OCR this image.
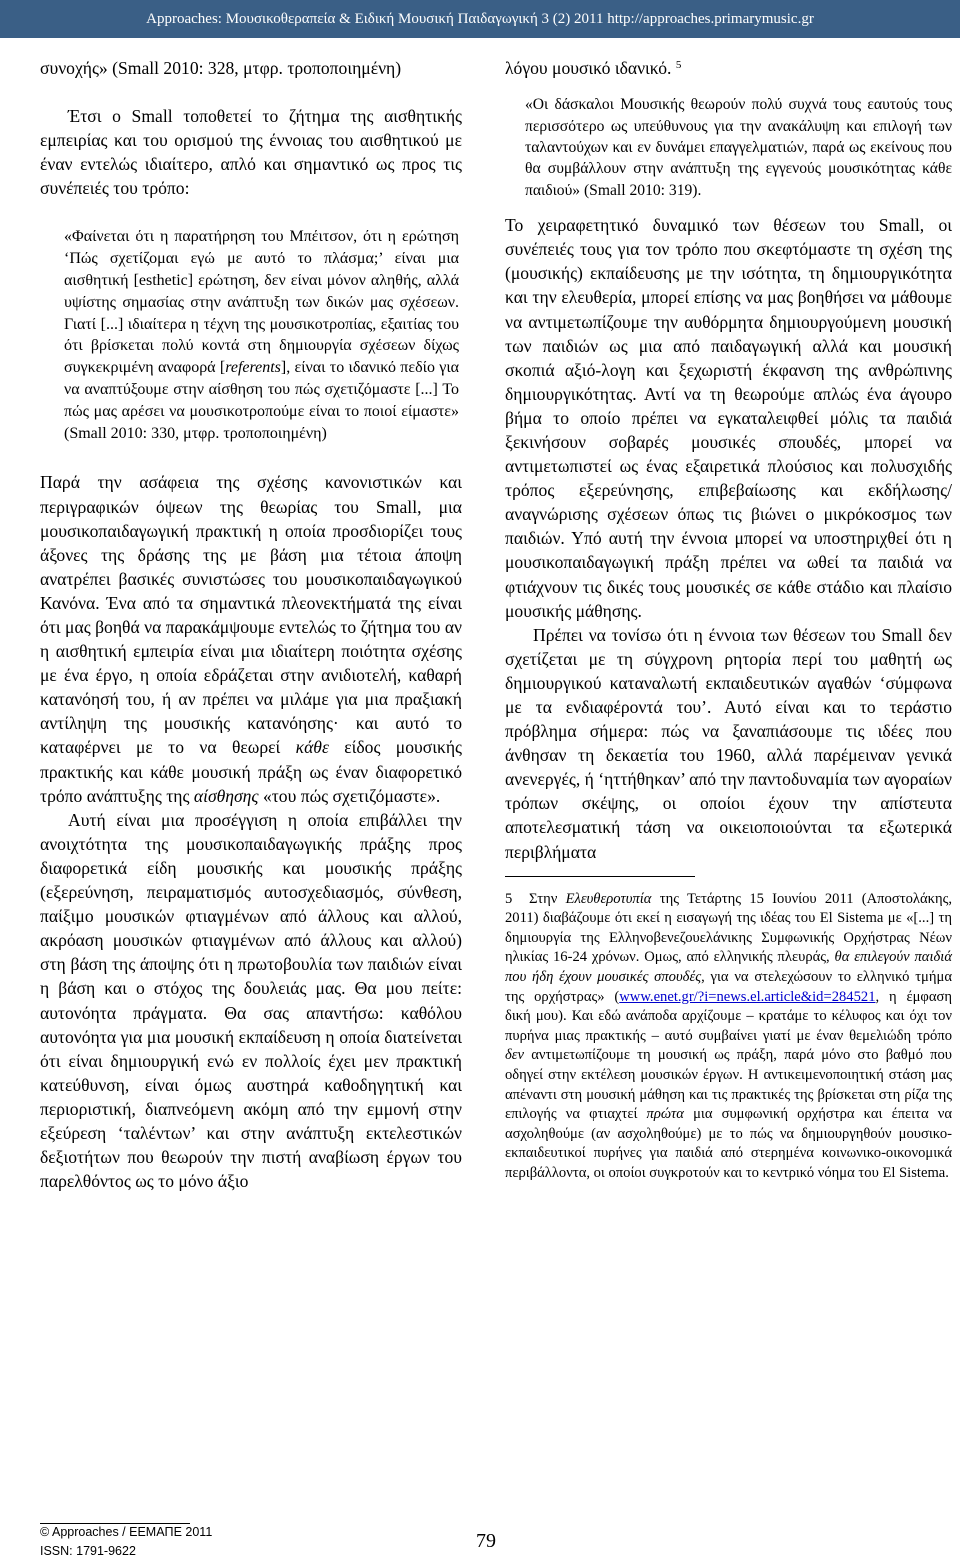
Approaches: Μουσικοθεραπεία & Ειδική Μουσική Παιδαγωγική 3 (2) 2011 http://approaches.primarymusic.gr

συνοχής» (Small 2010: 328, μτφρ. τροποποιημένη)

Έτσι ο Small τοποθετεί το ζήτημα της αισθητικής εμπειρίας και του ορισμού της έννοιας του αισθητικού με έναν εντελώς ιδιαίτερο, απλό και σημαντικό ως προς τις συνέπειές του τρόπο:

«Φαίνεται ότι η παρατήρηση του Μπέιτσον, ότι η ερώτηση ‘Πώς σχετίζομαι εγώ με αυτό το πλάσμα;’ είναι μια αισθητική [esthetic] ερώτηση, δεν είναι μόνον αληθής, αλλά υψίστης σημασίας στην ανάπτυξη των δικών μας σχέσεων. Γιατί [...] ιδιαίτερα η τέχνη της μουσικοτροπίας, εξαιτίας του ότι βρίσκεται πολύ κοντά στη δημιουργία σχέσεων δίχως συγκεκριμένη αναφορά [referents], είναι το ιδανικό πεδίο για να αναπτύξουμε στην αίσθηση του πώς σχετιζόμαστε [...] Το πώς μας αρέσει να μουσικοτροπούμε είναι το ποιοί είμαστε» (Small 2010: 330, μτφρ. τροποποιημένη)

Παρά την ασάφεια της σχέσης κανονιστικών και περιγραφικών όψεων της θεωρίας του Small, μια μουσικοπαιδαγωγική πρακτική η οποία προσδιορίζει τους άξονες της δράσης της με βάση μια τέτοια άποψη ανατρέπει βασικές συνιστώσες του μουσικοπαιδαγωγικού Κανόνα. Ένα από τα σημαντικά πλεονεκτήματά της είναι ότι μας βοηθά να παρακάμψουμε εντελώς το ζήτημα του αν η αισθητική εμπειρία είναι μια ιδιαίτερη ποιότητα σχέσης με ένα έργο, η οποία εδράζεται στην ανιδιοτελή, καθαρή κατανόησή του, ή αν πρέπει να μιλάμε για μια πραξιακή αντίληψη της μουσικής κατανόησης· και αυτό το καταφέρνει με το να θεωρεί κάθε είδος μουσικής πρακτικής και κάθε μουσική πράξη ως έναν διαφορετικό τρόπο ανάπτυξης της αίσθησης «του πώς σχετιζόμαστε».

Αυτή είναι μια προσέγγιση η οποία επιβάλλει την ανοιχτότητα της μουσικοπαιδαγωγικής πράξης προς διαφορετικά είδη μουσικής και μουσικής πράξης (εξερεύνηση, πειραματισμός αυτοσχεδιασμός, σύνθεση, παίξιμο μουσικών φτιαγμένων από άλλους και αλλού, ακρόαση μουσικών φτιαγμένων από άλλους και αλλού) στη βάση της άποψης ότι η πρωτοβουλία των παιδιών είναι η βάση και ο στόχος της δουλειάς μας. Θα μου πείτε: αυτονόητα πράγματα. Θα σας απαντήσω: καθόλου αυτονόητα για μια μουσική εκπαίδευση η οποία διατείνεται ότι είναι δημιουργική ενώ εν πολλοίς έχει μεν πρακτική κατεύθυνση, είναι όμως αυστηρά καθοδηγητική και περιοριστική, διαπνεόμενη ακόμη από την εμμονή στην εξεύρεση ‘ταλέντων’ και στην ανάπτυξη εκτελεστικών δεξιοτήτων που θεωρούν την πιστή αναβίωση έργων του παρελθόντος ως το μόνο άξιο

λόγου μουσικό ιδανικό. $^5$

«Οι δάσκαλοι Μουσικής θεωρούν πολύ συχνά τους εαυτούς τους περισσότερο ως υπεύθυνους για την ανακάλυψη και επιλογή των ταλαντούχων και εν δυνάμει επαγγελματιών, παρά ως εκείνους που θα συμβάλλουν στην ανάπτυξη της εγγενούς μουσικότητας κάθε παιδιού» (Small 2010: 319).

Το χειραφετητικό δυναμικό των θέσεων του Small, οι συνέπειές τους για τον τρόπο που σκεφτόμαστε τη σχέση της (μουσικής) εκπαίδευσης με την ισότητα, τη δημιουργικότητα και την ελευθερία, μπορεί επίσης να μας βοηθήσει να μάθουμε να αντιμετωπίζουμε την αυθόρμητα δημιουργούμενη μουσική των παιδιών ως μια από παιδαγωγική αλλά και μουσική σκοπιά αξιό-λογη και ξεχωριστή έκφανση της ανθρώπινης δημιουργικότητας. Αντί να τη θεωρούμε απλώς ένα άγουρο βήμα το οποίο πρέπει να εγκαταλειφθεί μόλις τα παιδιά ξεκινήσουν σοβαρές μουσικές σπουδές, μπορεί να αντιμετωπιστεί ως ένας εξαιρετικά πλούσιος και πολυσχιδής τρόπος εξερεύνησης, επιβεβαίωσης και εκδήλωσης/αναγνώρισης σχέσεων όπως τις βιώνει ο μικρόκοσμος των παιδιών. Υπό αυτή την έννοια μπορεί να υποστηριχθεί ότι η μουσικοπαιδαγωγική πράξη πρέπει να ωθεί τα παιδιά να φτιάχνουν τις δικές τους μουσικές σε κάθε στάδιο και πλαίσιο μουσικής μάθησης.

Πρέπει να τονίσω ότι η έννοια των θέσεων του Small δεν σχετίζεται με τη σύγχρονη ρητορία περί του μαθητή ως δημιουργικού καταναλωτή εκπαιδευτικών αγαθών ‘σύμφωνα με τα ενδιαφέροντά του’. Αυτό είναι και το τεράστιο πρόβλημα σήμερα: πώς να ξαναπιάσουμε τις ιδέες που άνθησαν τη δεκαετία του 1960, αλλά παρέμειναν γενικά ανενεργές, ή ‘ηττήθηκαν’ από την παντοδυναμία των αγοραίων τρόπων σκέψης, οι οποίοι έχουν την απίστευτα αποτελεσματική τάση να οικειοποιούνται τα εξωτερικά περιβλήματα

5 Στην Ελευθεροτυπία της Τετάρτης 15 Ιουνίου 2011 (Αποστολάκης, 2011) διαβάζουμε ότι εκεί η εισαγωγή της ιδέας του El Sistema με «[...] τη δημιουργία της Ελληνοβενεζουελάνικης Συμφωνικής Ορχήστρας Νέων ηλικίας 16-24 χρόνων. Ομως, από ελληνικής πλευράς, θα επιλεγούν παιδιά που ήδη έχουν μουσικές σπουδές, για να στελεχώσουν το ελληνικό τμήμα της ορχήστρας» (www.enet.gr/?i=news.el.article&id=284521, η έμφαση δική μου). Και εδώ ανάποδα αρχίζουμε – κρατάμε το κέλυφος και όχι τον πυρήνα μιας πρακτικής – αυτό συμβαίνει γιατί με έναν θεμελιώδη τρόπο δεν αντιμετωπίζουμε τη μουσική ως πράξη, παρά μόνο στο βαθμό που οδηγεί στην εκτέλεση μουσικών έργων. Η αντικειμενοποιητική στάση μας απέναντι στη μουσική μάθηση και τις πρακτικές της βρίσκεται στη ρίζα της επιλογής να φτιαχτεί πρώτα μια συμφωνική ορχήστρα και έπειτα να ασχοληθούμε (αν ασχοληθούμε) με το πώς να δημιουργηθούν μουσικο-εκπαιδευτικοί πυρήνες για παιδιά από στερημένα κοινωνικο-οικονομικά περιβάλλοντα, οι οποίοι συγκροτούν και το κεντρικό νόημα του El Sistema.

© Approaches / ΕΕΜΑΠΕ 2011
ISSN: 1791-9622	79
